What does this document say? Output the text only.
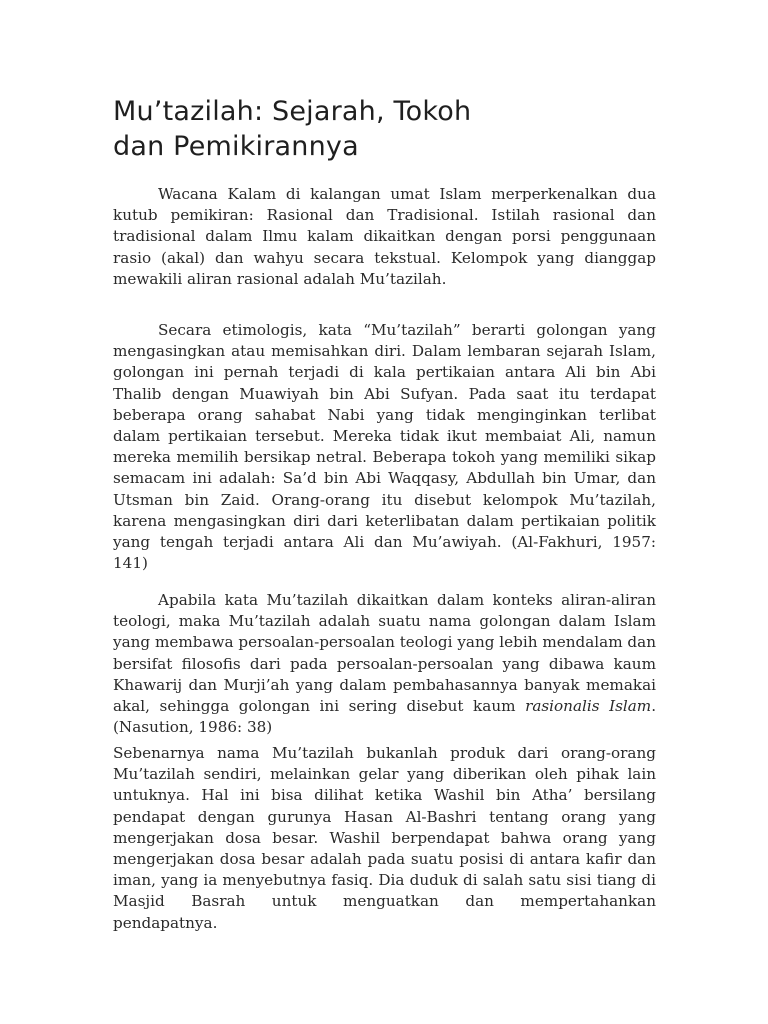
Mu’tazilah: Sejarah, Tokoh
dan Pemikirannya

Wacana Kalam di kalangan umat Islam merperkenalkan dua kutub pemikiran: Rasional dan Tradisional. Istilah rasional dan tradisional dalam Ilmu kalam dikaitkan dengan porsi penggunaan rasio (akal) dan wahyu secara tekstual. Kelompok yang dianggap mewakili aliran rasional adalah Mu’tazilah.

Secara etimologis, kata “Mu’tazilah” berarti golongan yang mengasingkan atau memisahkan diri. Dalam lembaran sejarah Islam, golongan ini pernah terjadi di kala pertikaian antara Ali bin Abi Thalib dengan Muawiyah bin Abi Sufyan. Pada saat itu terdapat beberapa orang sahabat Nabi yang tidak menginginkan terlibat dalam pertikaian tersebut. Mereka tidak ikut membaiat Ali, namun mereka memilih bersikap netral. Beberapa tokoh yang memiliki sikap semacam ini adalah: Sa’d bin Abi Waqqasy, Abdullah bin Umar, dan Utsman bin Zaid. Orang-orang itu disebut kelompok Mu’tazilah, karena mengasingkan diri dari keterlibatan dalam pertikaian politik yang tengah terjadi antara Ali dan Mu’awiyah. (Al-Fakhuri, 1957: 141)

Apabila kata Mu’tazilah dikaitkan dalam konteks aliran-aliran teologi, maka Mu’tazilah adalah suatu nama golongan dalam Islam yang membawa persoalan-persoalan teologi yang lebih mendalam dan bersifat filosofis dari pada persoalan-persoalan yang dibawa kaum Khawarij dan Murji’ah yang dalam pembahasannya banyak memakai akal, sehingga golongan ini sering disebut kaum rasionalis Islam. (Nasution, 1986: 38)

Sebenarnya nama Mu’tazilah bukanlah produk dari orang-orang Mu’tazilah sendiri, melainkan gelar yang diberikan oleh pihak lain untuknya. Hal ini bisa dilihat ketika Washil bin Atha’ bersilang pendapat dengan gurunya Hasan Al-Bashri tentang orang yang mengerjakan dosa besar. Washil berpendapat bahwa orang yang mengerjakan dosa besar adalah pada suatu posisi di antara kafir dan iman, yang ia menyebutnya fasiq. Dia duduk di salah satu sisi tiang di Masjid Basrah untuk menguatkan dan mempertahankan pendapatnya.
